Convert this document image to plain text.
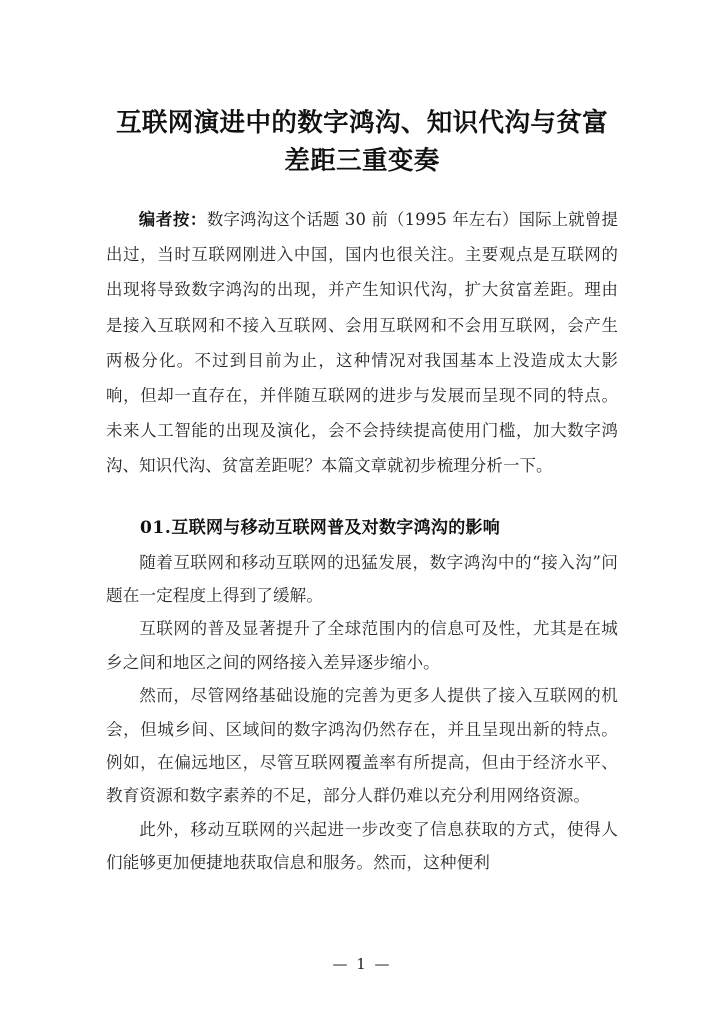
互联网演进中的数字鸿沟、知识代沟与贫富差距三重变奏

编者按：数字鸿沟这个话题 30 前（1995 年左右）国际上就曾提出过，当时互联网刚进入中国，国内也很关注。主要观点是互联网的出现将导致数字鸿沟的出现，并产生知识代沟，扩大贫富差距。理由是接入互联网和不接入互联网、会用互联网和不会用互联网，会产生两极分化。不过到目前为止，这种情况对我国基本上没造成太大影响，但却一直存在，并伴随互联网的进步与发展而呈现不同的特点。未来人工智能的出现及演化，会不会持续提高使用门槛，加大数字鸿沟、知识代沟、贫富差距呢？本篇文章就初步梳理分析一下。

01.互联网与移动互联网普及对数字鸿沟的影响

随着互联网和移动互联网的迅猛发展，数字鸿沟中的“接入沟”问题在一定程度上得到了缓解。

互联网的普及显著提升了全球范围内的信息可及性，尤其是在城乡之间和地区之间的网络接入差异逐步缩小。

然而，尽管网络基础设施的完善为更多人提供了接入互联网的机会，但城乡间、区域间的数字鸿沟仍然存在，并且呈现出新的特点。例如，在偏远地区，尽管互联网覆盖率有所提高，但由于经济水平、教育资源和数字素养的不足，部分人群仍难以充分利用网络资源。

此外，移动互联网的兴起进一步改变了信息获取的方式，使得人们能够更加便捷地获取信息和服务。然而，这种便利

— 1 —
